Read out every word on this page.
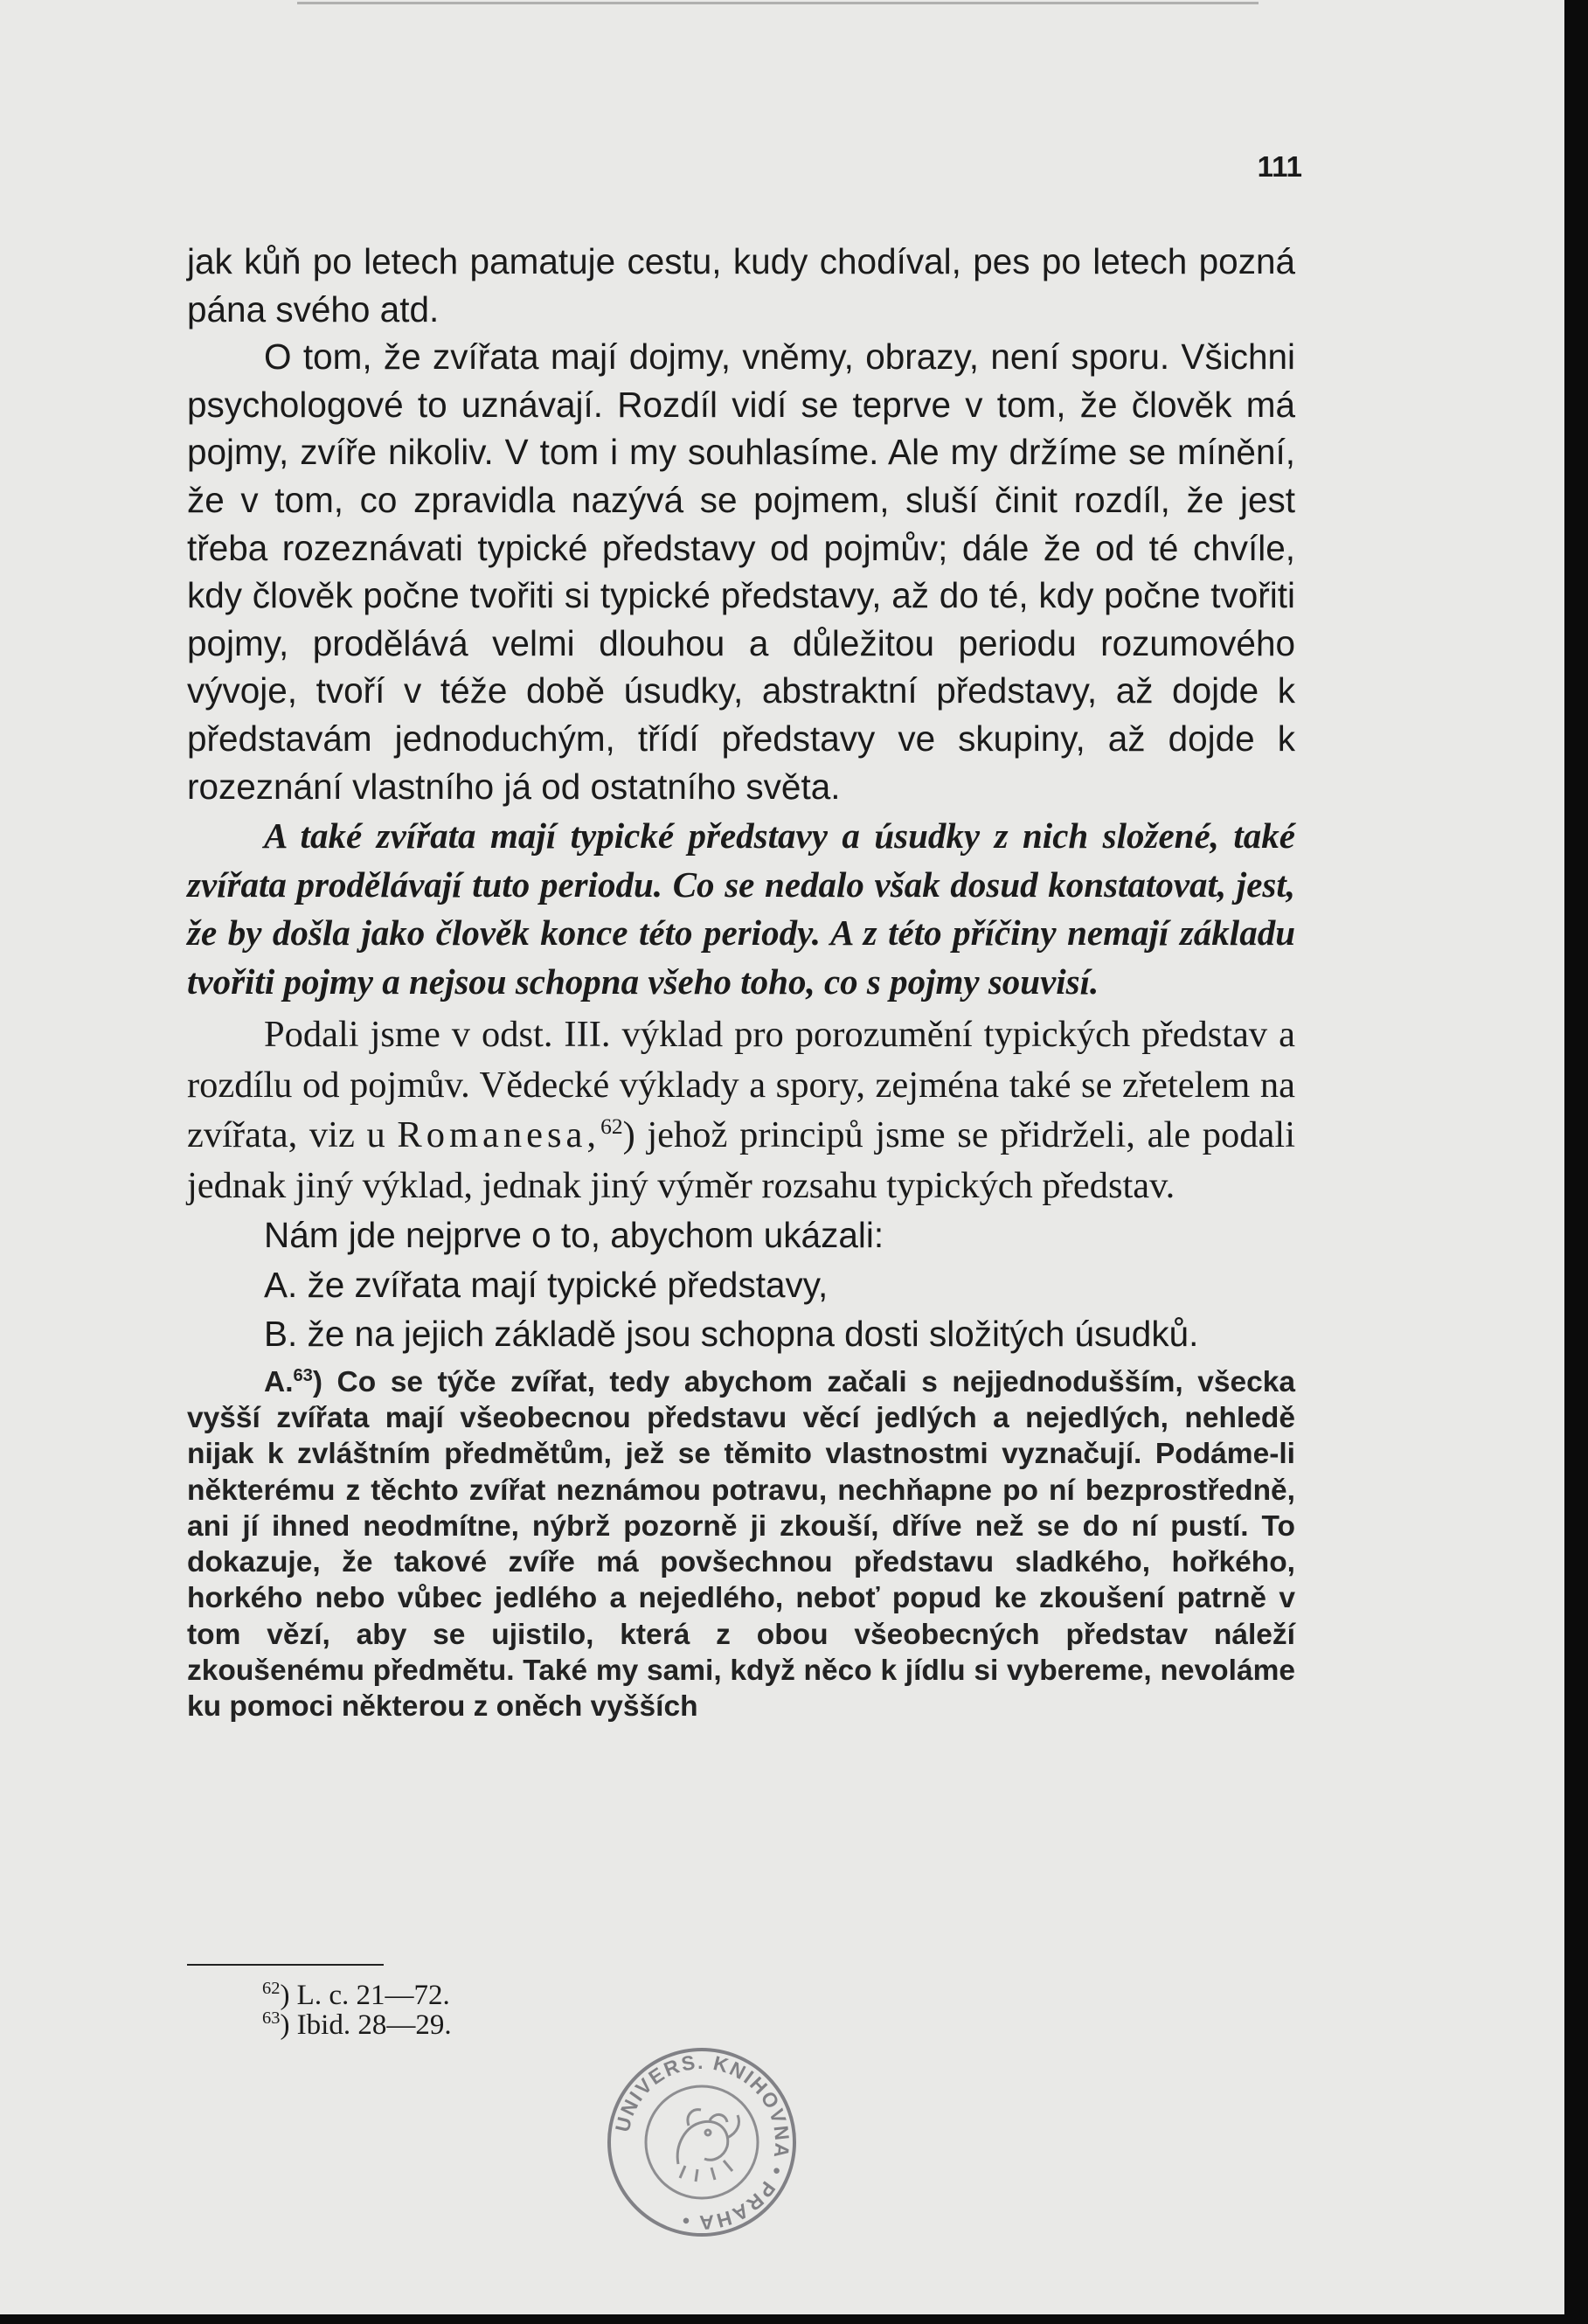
111

jak kůň po letech pamatuje cestu, kudy chodíval, pes po letech pozná pána svého atd.

O tom, že zvířata mají dojmy, vněmy, obrazy, není sporu. Všichni psychologové to uznávají. Rozdíl vidí se teprve v tom, že člověk má pojmy, zvíře nikoliv. V tom i my souhlasíme. Ale my držíme se mínění, že v tom, co zpravidla nazývá se pojmem, sluší činit rozdíl, že jest třeba rozeznávati typické představy od pojmův; dále že od té chvíle, kdy člověk počne tvořiti si typické představy, až do té, kdy počne tvořiti pojmy, prodělává velmi dlouhou a důležitou periodu rozumového vývoje, tvoří v téže době úsudky, abstraktní představy, až dojde k představám jednoduchým, třídí představy ve skupiny, až dojde k rozeznání vlastního já od ostatního světa.

A také zvířata mají typické představy a úsudky z nich složené, také zvířata prodělávají tuto periodu. Co se nedalo však dosud konstatovat, jest, že by došla jako člověk konce této periody. A z této příčiny nemají základu tvořiti pojmy a nejsou schopna všeho toho, co s pojmy souvisí.

Podali jsme v odst. III. výklad pro porozumění typických představ a rozdílu od pojmův. Vědecké výklady a spory, zejména také se zřetelem na zvířata, viz u Romanesa,$^{62}$) jehož principů jsme se přidrželi, ale podali jednak jiný výklad, jednak jiný výměr rozsahu typických představ.

Nám jde nejprve o to, abychom ukázali:

A. že zvířata mají typické představy,

B. že na jejich základě jsou schopna dosti složitých úsudků.

A.$^{63}$) Co se týče zvířat, tedy abychom začali s nejjednodušším, všecka vyšší zvířata mají všeobecnou představu věcí jedlých a nejedlých, nehledě nijak k zvláštním předmětům, jež se těmito vlastnostmi vyznačují. Podáme-li některému z těchto zvířat neznámou potravu, nechňapne po ní bezprostředně, ani jí ihned neodmítne, nýbrž pozorně ji zkouší, dříve než se do ní pustí. To dokazuje, že takové zvíře má povšechnou představu sladkého, hořkého, horkého nebo vůbec jedlého a nejedlého, neboť popud ke zkoušení patrně v tom vězí, aby se ujistilo, která z obou všeobecných představ náleží zkoušenému předmětu. Také my sami, když něco k jídlu si vybereme, nevoláme ku pomoci některou z oněch vyšších

$^{62}$) L. c. 21—72.
$^{63}$) Ibid. 28—29.
UNIVERS. KNIHOVNA • PRAHA •
